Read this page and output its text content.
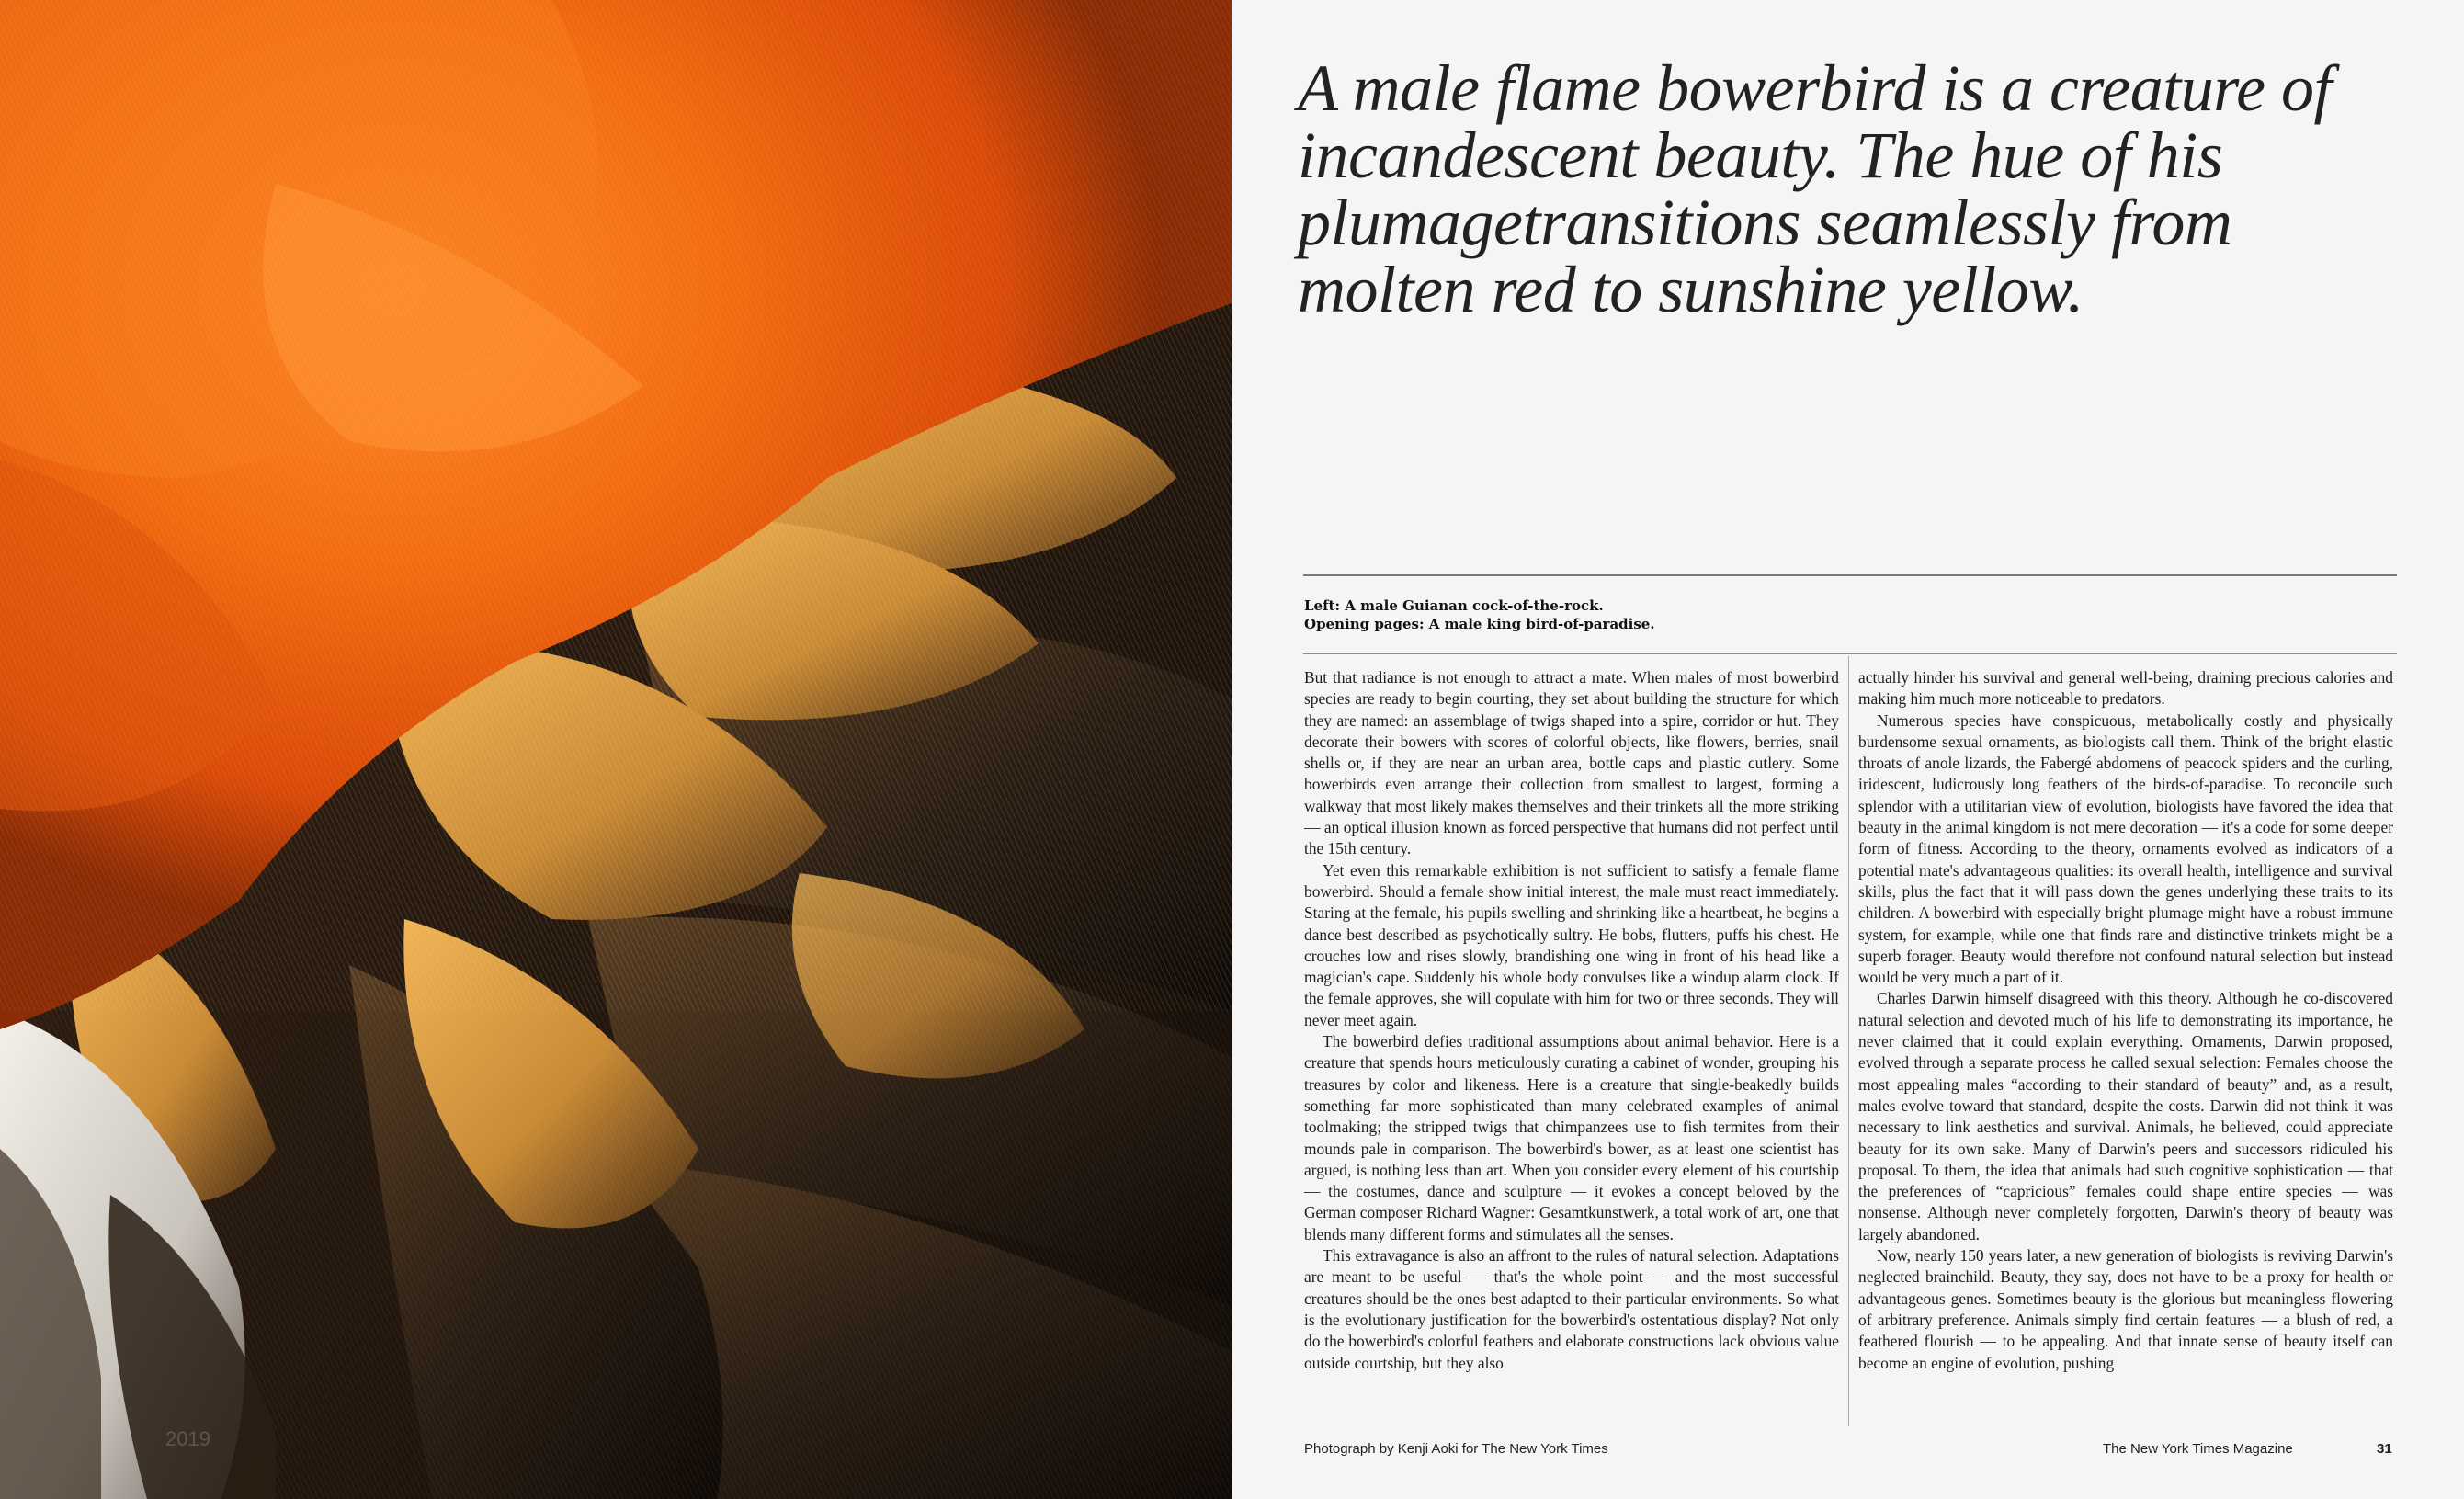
2019
A male flame bowerbird is a creature of incandescent beauty. The hue of his plumagetransitions seamlessly from molten red to sunshine yellow.
Left: A male Guianan cock-of-the-rock.
Opening pages: A male king bird-of-paradise.

But that radiance is not enough to attract a mate. When males of most bowerbird species are ready to begin courting, they set about building the structure for which they are named: an assemblage of twigs shaped into a spire, corridor or hut. They decorate their bowers with scores of colorful objects, like flowers, berries, snail shells or, if they are near an urban area, bottle caps and plastic cutlery. Some bowerbirds even arrange their collection from smallest to largest, forming a walkway that most likely makes themselves and their trinkets all the more striking — an optical illusion known as forced perspective that humans did not perfect until the 15th century.

Yet even this remarkable exhibition is not sufficient to satisfy a female flame bowerbird. Should a female show initial interest, the male must react immediately. Staring at the female, his pupils swelling and shrinking like a heartbeat, he begins a dance best described as psychotically sultry. He bobs, flutters, puffs his chest. He crouches low and rises slowly, brandishing one wing in front of his head like a magician's cape. Suddenly his whole body convulses like a windup alarm clock. If the female approves, she will copulate with him for two or three seconds. They will never meet again.

The bowerbird defies traditional assumptions about animal behavior. Here is a creature that spends hours meticulously curating a cabinet of wonder, grouping his treasures by color and likeness. Here is a creature that single-beakedly builds something far more sophisticated than many celebrated examples of animal toolmaking; the stripped twigs that chimpanzees use to fish termites from their mounds pale in comparison. The bowerbird's bower, as at least one scientist has argued, is nothing less than art. When you consider every element of his courtship — the costumes, dance and sculpture — it evokes a concept beloved by the German composer Richard Wagner: Gesamtkunstwerk, a total work of art, one that blends many different forms and stimulates all the senses.

This extravagance is also an affront to the rules of natural selection. Adaptations are meant to be useful — that's the whole point — and the most successful creatures should be the ones best adapted to their particular environments. So what is the evolutionary justification for the bowerbird's ostentatious display? Not only do the bowerbird's colorful feathers and elaborate constructions lack obvious value outside courtship, but they also

actually hinder his survival and general well-being, draining precious calories and making him much more noticeable to predators.

Numerous species have conspicuous, metabolically costly and physically burdensome sexual ornaments, as biologists call them. Think of the bright elastic throats of anole lizards, the Fabergé abdomens of peacock spiders and the curling, iridescent, ludicrously long feathers of the birds-of-paradise. To reconcile such splendor with a utilitarian view of evolution, biologists have favored the idea that beauty in the animal kingdom is not mere decoration — it's a code for some deeper form of fitness. According to the theory, ornaments evolved as indicators of a potential mate's advantageous qualities: its overall health, intelligence and survival skills, plus the fact that it will pass down the genes underlying these traits to its children. A bowerbird with especially bright plumage might have a robust immune system, for example, while one that finds rare and distinctive trinkets might be a superb forager. Beauty would therefore not confound natural selection but instead would be very much a part of it.

Charles Darwin himself disagreed with this theory. Although he co-discovered natural selection and devoted much of his life to demonstrating its importance, he never claimed that it could explain everything. Ornaments, Darwin proposed, evolved through a separate process he called sexual selection: Females choose the most appealing males “according to their standard of beauty” and, as a result, males evolve toward that standard, despite the costs. Darwin did not think it was necessary to link aesthetics and survival. Animals, he believed, could appreciate beauty for its own sake. Many of Darwin's peers and successors ridiculed his proposal. To them, the idea that animals had such cognitive sophistication — that the preferences of “capricious” females could shape entire species — was nonsense. Although never completely forgotten, Darwin's theory of beauty was largely abandoned.

Now, nearly 150 years later, a new generation of biologists is reviving Darwin's neglected brainchild. Beauty, they say, does not have to be a proxy for health or advantageous genes. Sometimes beauty is the glorious but meaningless flowering of arbitrary preference. Animals simply find certain features — a blush of red, a feathered flourish — to be appealing. And that innate sense of beauty itself can become an engine of evolution, pushing

Photograph by Kenji Aoki for The New York Times	The New York Times Magazine	31
